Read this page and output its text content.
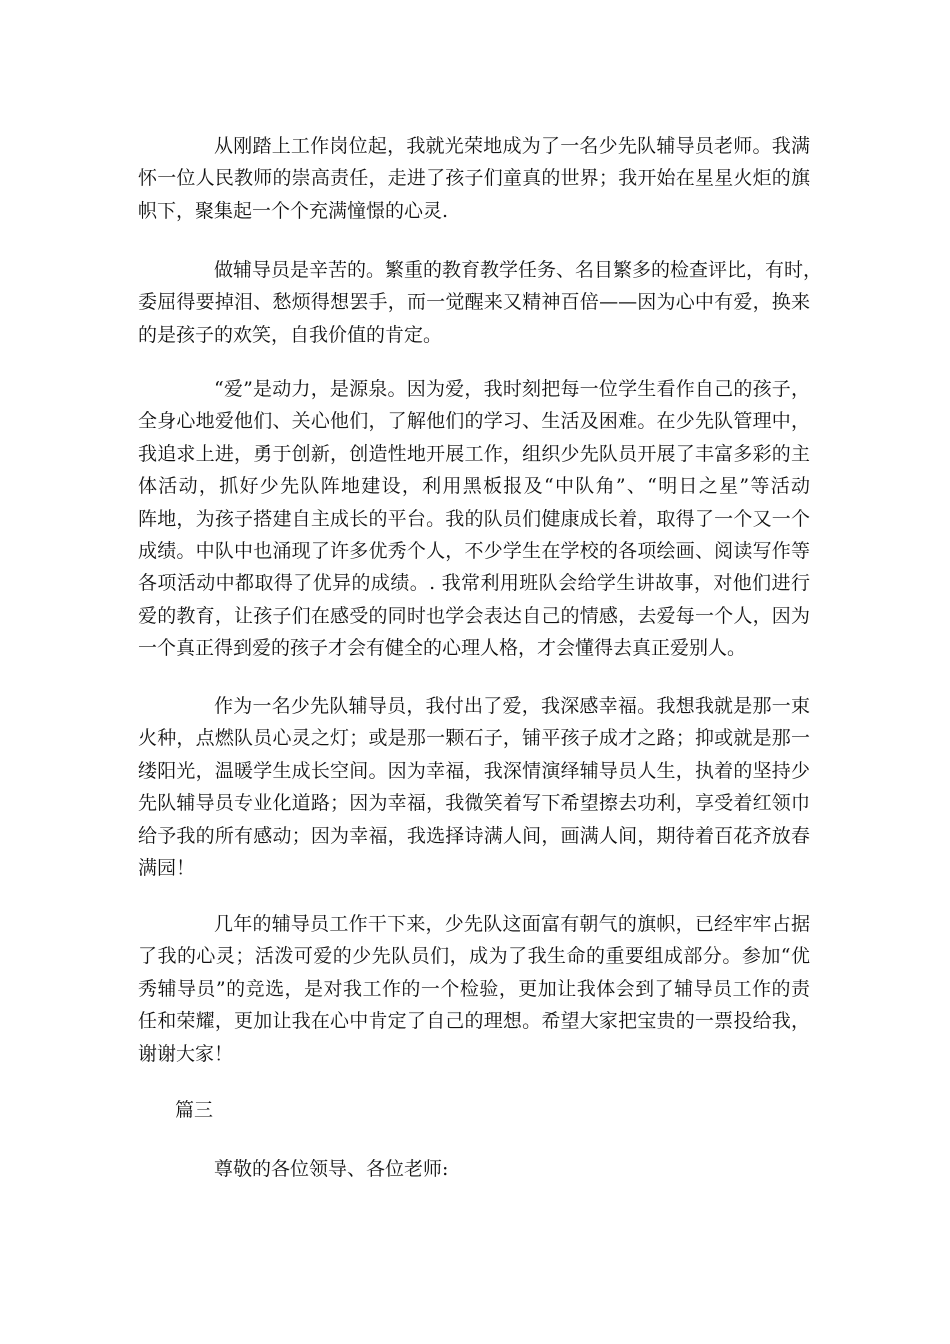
从刚踏上工作岗位起，我就光荣地成为了一名少先队辅导员老师。我满
怀一位人民教师的崇高责任，走进了孩子们童真的世界；我开始在星星火炬的旗
帜下，聚集起一个个充满憧憬的心灵.
做辅导员是辛苦的。繁重的教育教学任务、名目繁多的检查评比，有时，
委屈得要掉泪、愁烦得想罢手，而一觉醒来又精神百倍——因为心中有爱，换来
的是孩子的欢笑，自我价值的肯定。
“爱”是动力，是源泉。因为爱，我时刻把每一位学生看作自己的孩子，
全身心地爱他们、关心他们，了解他们的学习、生活及困难。在少先队管理中，
我追求上进，勇于创新，创造性地开展工作，组织少先队员开展了丰富多彩的主
体活动，抓好少先队阵地建设，利用黑板报及“中队角”、“明日之星”等活动
阵地，为孩子搭建自主成长的平台。我的队员们健康成长着，取得了一个又一个
成绩。中队中也涌现了许多优秀个人，不少学生在学校的各项绘画、阅读写作等
各项活动中都取得了优异的成绩。. 我常利用班队会给学生讲故事，对他们进行
爱的教育，让孩子们在感受的同时也学会表达自己的情感，去爱每一个人，因为
一个真正得到爱的孩子才会有健全的心理人格，才会懂得去真正爱别人。
作为一名少先队辅导员，我付出了爱，我深感幸福。我想我就是那一束
火种，点燃队员心灵之灯；或是那一颗石子，铺平孩子成才之路；抑或就是那一
缕阳光，温暖学生成长空间。因为幸福，我深情演绎辅导员人生，执着的坚持少
先队辅导员专业化道路；因为幸福，我微笑着写下希望擦去功利，享受着红领巾
给予我的所有感动；因为幸福，我选择诗满人间，画满人间，期待着百花齐放春
满园！
几年的辅导员工作干下来，少先队这面富有朝气的旗帜，已经牢牢占据
了我的心灵；活泼可爱的少先队员们，成为了我生命的重要组成部分。参加“优
秀辅导员”的竞选，是对我工作的一个检验，更加让我体会到了辅导员工作的责
任和荣耀，更加让我在心中肯定了自己的理想。希望大家把宝贵的一票投给我，
谢谢大家！

篇三

尊敬的各位领导、各位老师:
